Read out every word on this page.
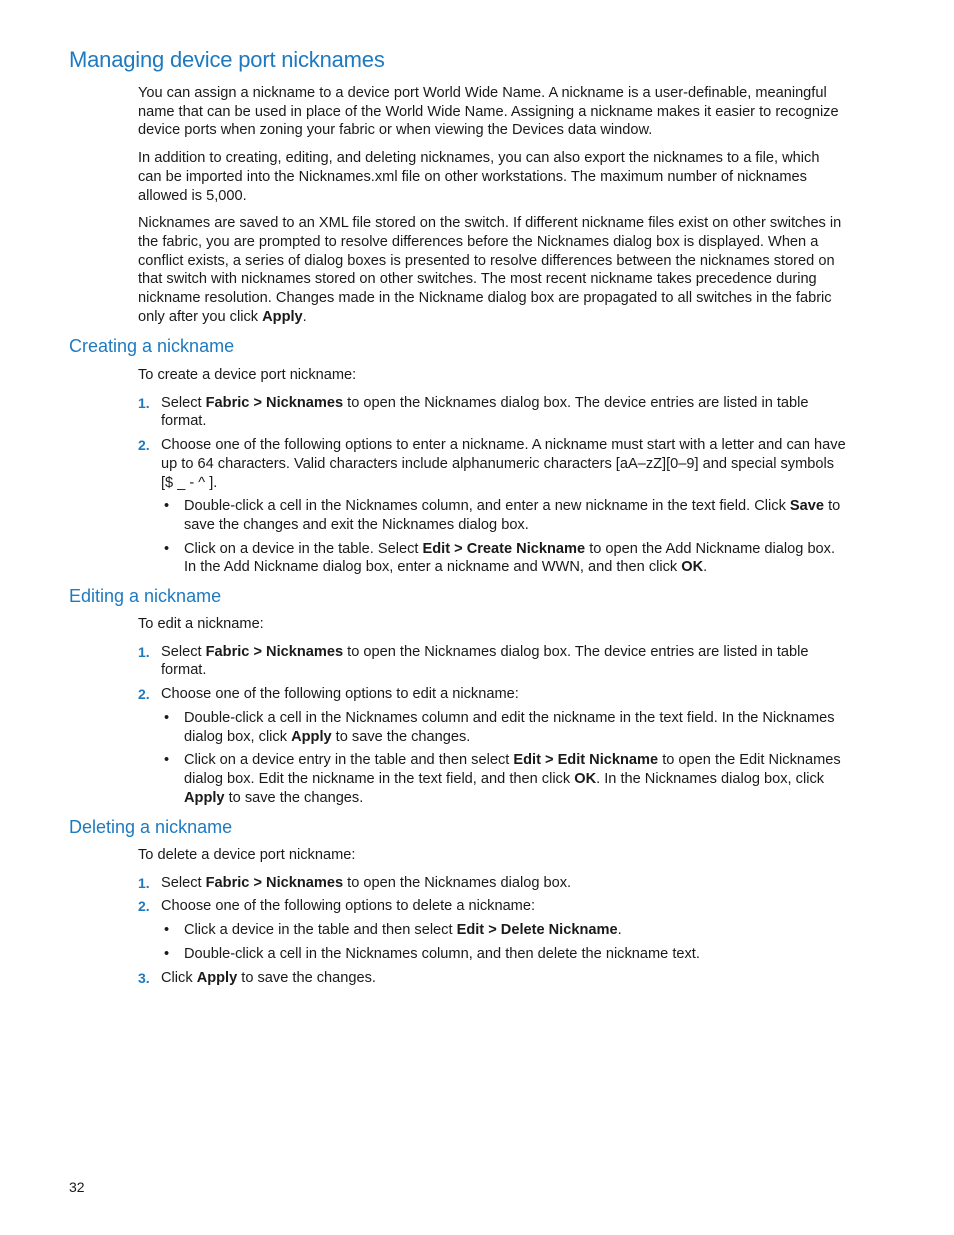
Managing device port nicknames

You can assign a nickname to a device port World Wide Name. A nickname is a user-definable, meaningful name that can be used in place of the World Wide Name. Assigning a nickname makes it easier to recognize device ports when zoning your fabric or when viewing the Devices data window.

In addition to creating, editing, and deleting nicknames, you can also export the nicknames to a file, which can be imported into the Nicknames.xml file on other workstations. The maximum number of nicknames allowed is 5,000.

Nicknames are saved to an XML file stored on the switch. If different nickname files exist on other switches in the fabric, you are prompted to resolve differences before the Nicknames dialog box is displayed. When a conflict exists, a series of dialog boxes is presented to resolve differences between the nicknames stored on that switch with nicknames stored on other switches. The most recent nickname takes precedence during nickname resolution. Changes made in the Nickname dialog box are propagated to all switches in the fabric only after you click Apply.

Creating a nickname

To create a device port nickname:

1. Select Fabric > Nicknames to open the Nicknames dialog box. The device entries are listed in table format.
2. Choose one of the following options to enter a nickname. A nickname must start with a letter and can have up to 64 characters. Valid characters include alphanumeric characters [aA–zZ][0–9] and special symbols [$ _ - ^ ].
• Double-click a cell in the Nicknames column, and enter a new nickname in the text field. Click Save to save the changes and exit the Nicknames dialog box.
• Click on a device in the table. Select Edit > Create Nickname to open the Add Nickname dialog box. In the Add Nickname dialog box, enter a nickname and WWN, and then click OK.
Editing a nickname

To edit a nickname:

1. Select Fabric > Nicknames to open the Nicknames dialog box. The device entries are listed in table format.
2. Choose one of the following options to edit a nickname:
• Double-click a cell in the Nicknames column and edit the nickname in the text field. In the Nicknames dialog box, click Apply to save the changes.
• Click on a device entry in the table and then select Edit > Edit Nickname to open the Edit Nicknames dialog box. Edit the nickname in the text field, and then click OK. In the Nicknames dialog box, click Apply to save the changes.
Deleting a nickname

To delete a device port nickname:

1. Select Fabric > Nicknames to open the Nicknames dialog box.
2. Choose one of the following options to delete a nickname:
• Click a device in the table and then select Edit > Delete Nickname.
• Double-click a cell in the Nicknames column, and then delete the nickname text.
3. Click Apply to save the changes.
32
